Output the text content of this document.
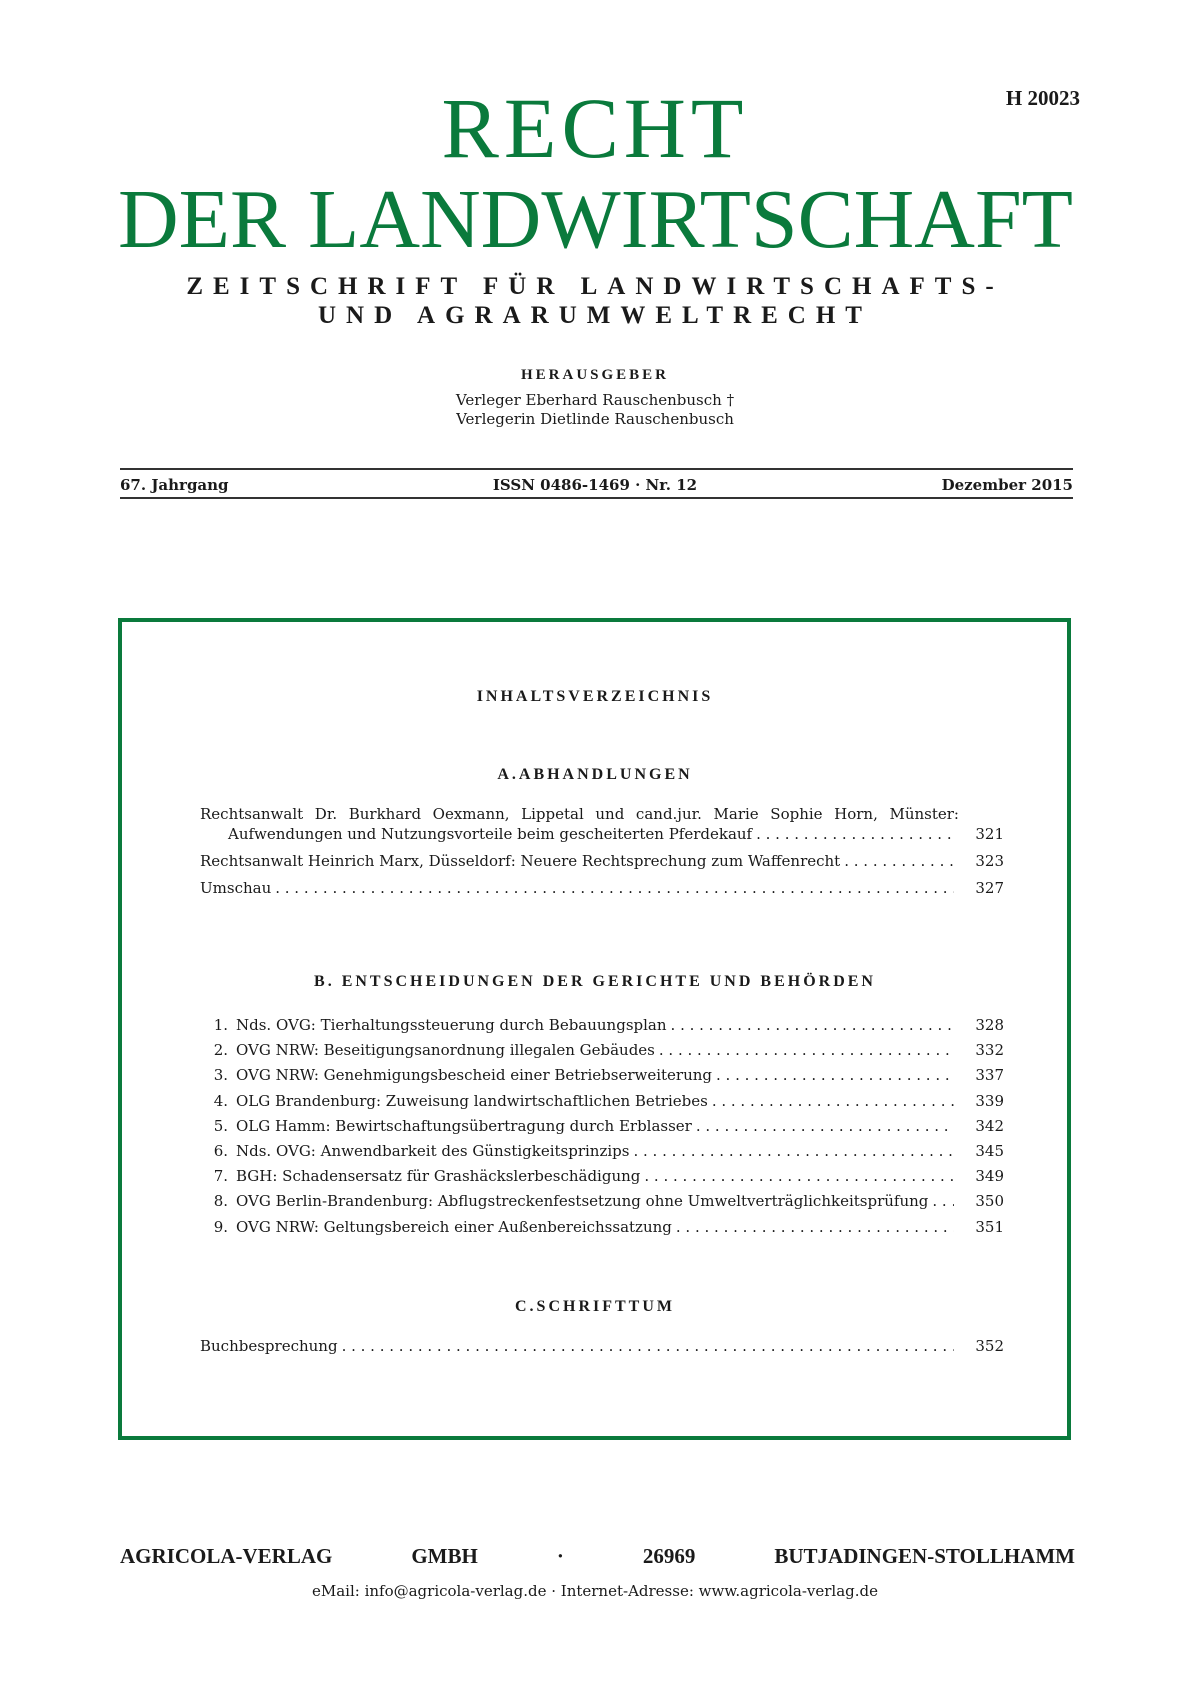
H 20023
RECHT
DER LANDWIRTSCHAFT
ZEITSCHRIFT FÜR LANDWIRTSCHAFTS-
UND AGRARUMWELTRECHT
HERAUSGEBER
Verleger Eberhard Rauschenbusch †
Verlegerin Dietlinde Rauschenbusch
67. Jahrgang	ISSN 0486-1469 · Nr. 12	Dezember 2015
INHALTSVERZEICHNIS
A.ABHANDLUNGEN
Rechtsanwalt Dr. Burkhard Oexmann, Lippetal und cand.jur. Marie Sophie Horn, Münster:
Aufwendungen und Nutzungsvorteile beim gescheiterten Pferdekauf . . .	321
Rechtsanwalt Heinrich Marx, Düsseldorf: Neuere Rechtsprechung zum Waffenrecht . . .	323
Umschau . . .	327
B. ENTSCHEIDUNGEN DER GERICHTE UND BEHÖRDEN
1. Nds. OVG: Tierhaltungssteuerung durch Bebauungsplan . . .	328
2. OVG NRW: Beseitigungsanordnung illegalen Gebäudes . . .	332
3. OVG NRW: Genehmigungsbescheid einer Betriebserweiterung . . .	337
4. OLG Brandenburg: Zuweisung landwirtschaftlichen Betriebes . . .	339
5. OLG Hamm: Bewirtschaftungsübertragung durch Erblasser . . .	342
6. Nds. OVG: Anwendbarkeit des Günstigkeitsprinzips . . .	345
7. BGH: Schadensersatz für Grashäckslerbeschädigung . . .	349
8. OVG Berlin-Brandenburg: Abflugstreckenfestsetzung ohne Umweltverträglichkeitsprüfung . . .	350
9. OVG NRW: Geltungsbereich einer Außenbereichssatzung . . .	351
C.SCHRIFTTUM
Buchbesprechung . . .	352
AGRICOLA-VERLAG GMBH · 26969 BUTJADINGEN-STOLLHAMM
eMail: info@agricola-verlag.de · Internet-Adresse: www.agricola-verlag.de
